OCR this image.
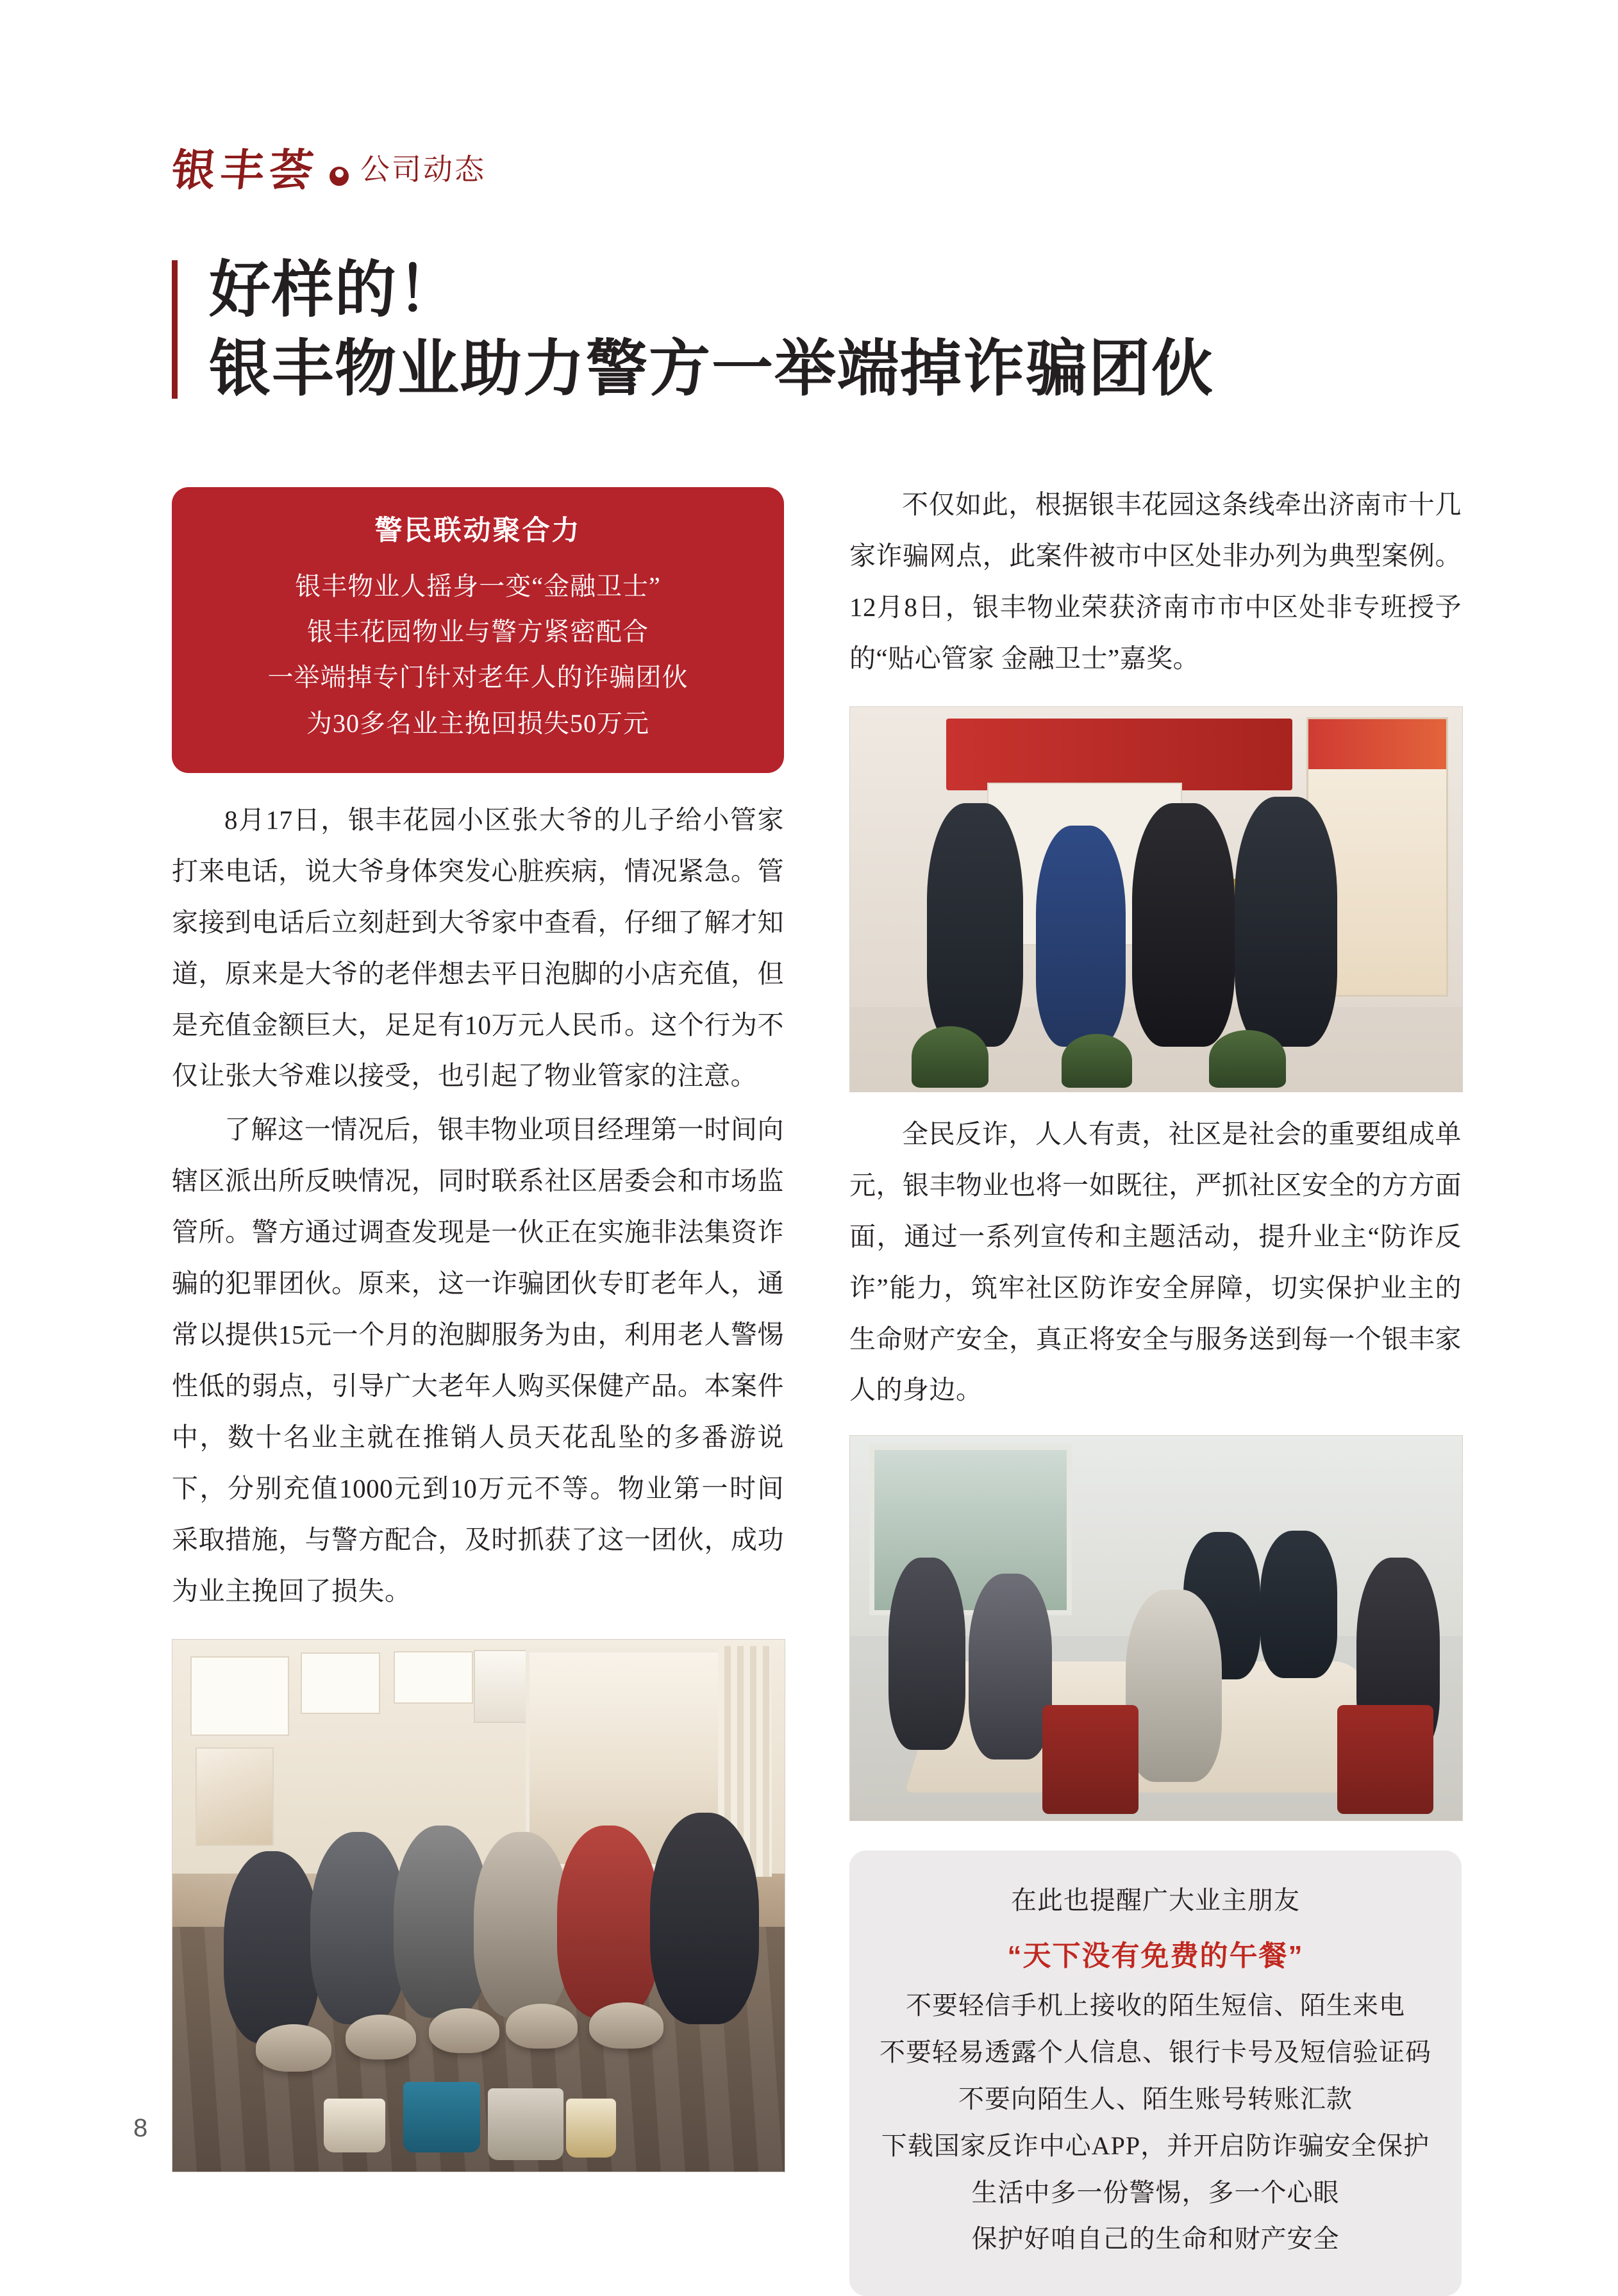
银丰荟 公司动态
好样的！
银丰物业助力警方一举端掉诈骗团伙
警民联动聚合力
银丰物业人摇身一变“金融卫士”
银丰花园物业与警方紧密配合
一举端掉专门针对老年人的诈骗团伙
为30多名业主挽回损失50万元

8月17日，银丰花园小区张大爷的儿子给小管家打来电话，说大爷身体突发心脏疾病，情况紧急。管家接到电话后立刻赶到大爷家中查看，仔细了解才知道，原来是大爷的老伴想去平日泡脚的小店充值，但是充值金额巨大，足足有10万元人民币。这个行为不仅让张大爷难以接受，也引起了物业管家的注意。

了解这一情况后，银丰物业项目经理第一时间向辖区派出所反映情况，同时联系社区居委会和市场监管所。警方通过调查发现是一伙正在实施非法集资诈骗的犯罪团伙。原来，这一诈骗团伙专盯老年人，通常以提供15元一个月的泡脚服务为由，利用老人警惕性低的弱点，引导广大老年人购买保健产品。本案件中，数十名业主就在推销人员天花乱坠的多番游说下，分别充值1000元到10万元不等。物业第一时间采取措施，与警方配合，及时抓获了这一团伙，成功为业主挽回了损失。

不仅如此，根据银丰花园这条线牵出济南市十几家诈骗网点，此案件被市中区处非办列为典型案例。12月8日，银丰物业荣获济南市市中区处非专班授予的“贴心管家 金融卫士”嘉奖。

全民反诈，人人有责，社区是社会的重要组成单元，银丰物业也将一如既往，严抓社区安全的方方面面，通过一系列宣传和主题活动，提升业主“防诈反诈”能力，筑牢社区防诈安全屏障，切实保护业主的生命财产安全，真正将安全与服务送到每一个银丰家人的身边。

在此也提醒广大业主朋友
“天下没有免费的午餐”
不要轻信手机上接收的陌生短信、陌生来电
不要轻易透露个人信息、银行卡号及短信验证码
不要向陌生人、陌生账号转账汇款
下载国家反诈中心APP，并开启防诈骗安全保护
生活中多一份警惕，多一个心眼
保护好咱自己的生命和财产安全
8
